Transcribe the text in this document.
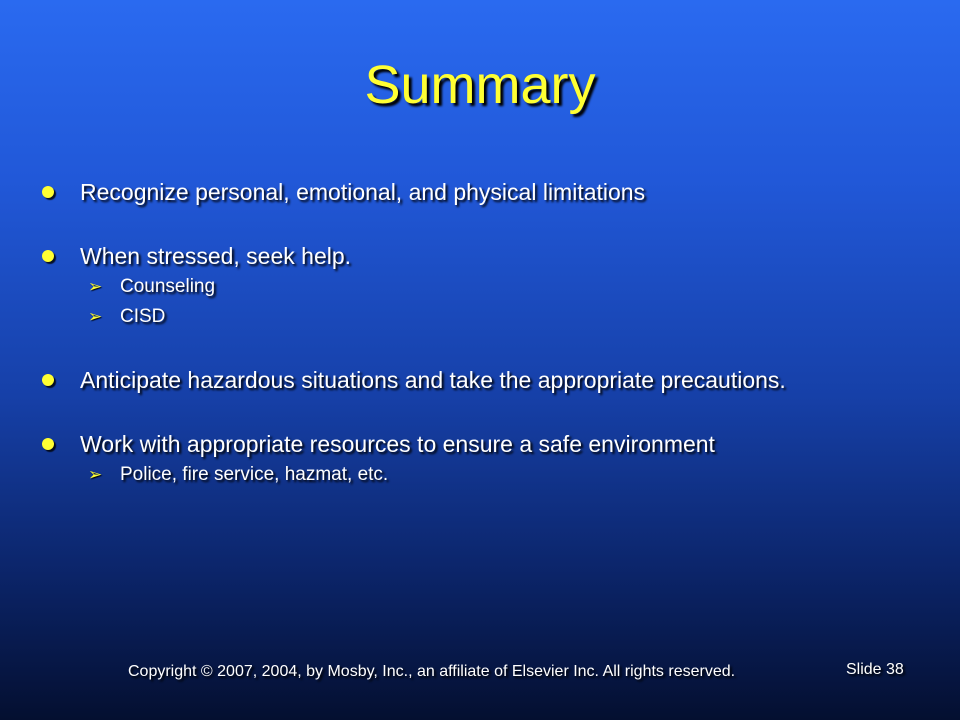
Summary
Recognize personal, emotional, and physical limitations
When stressed, seek help.
➢ Counseling
➢ CISD
Anticipate hazardous situations and take the appropriate precautions.
Work with appropriate resources to ensure a safe environment
➢ Police, fire service, hazmat, etc.
Copyright © 2007, 2004, by Mosby, Inc., an affiliate of Elsevier Inc. All rights reserved.	Slide 38
